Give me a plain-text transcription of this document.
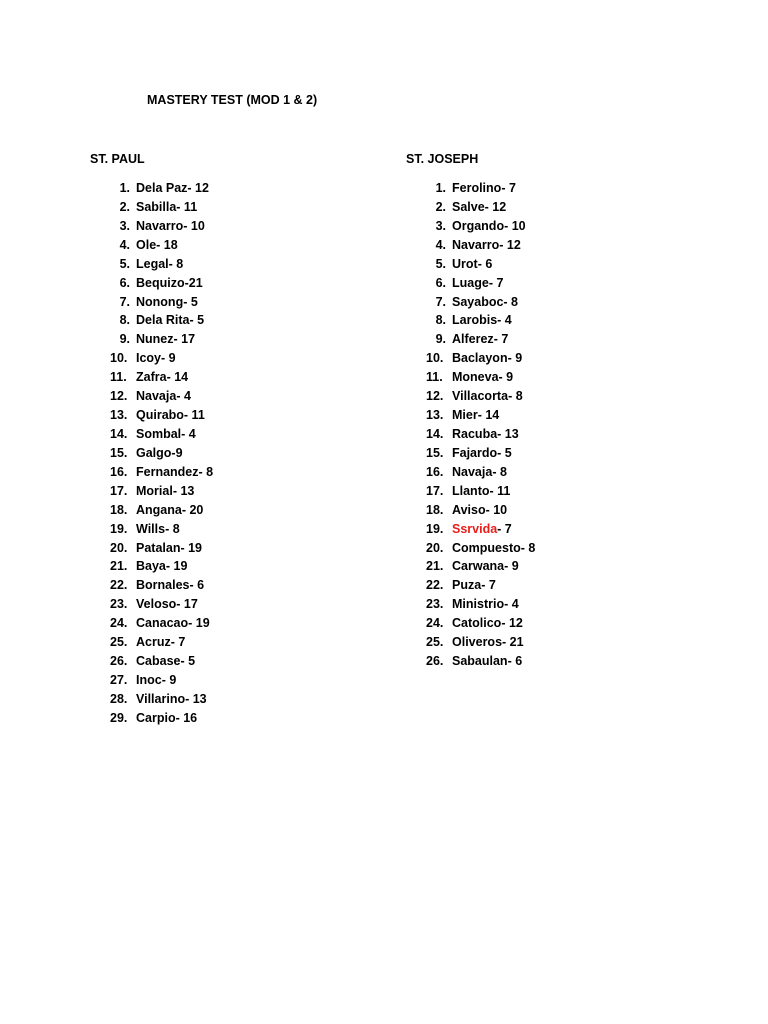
MASTERY TEST (MOD 1 & 2)
ST. PAUL	ST. JOSEPH
1. Dela Paz- 12
2. Sabilla- 11
3. Navarro- 10
4. Ole- 18
5. Legal- 8
6. Bequizo-21
7. Nonong- 5
8. Dela Rita- 5
9. Nunez- 17
10. Icoy- 9
11. Zafra- 14
12. Navaja- 4
13. Quirabo- 11
14. Sombal- 4
15. Galgo-9
16. Fernandez- 8
17. Morial- 13
18. Angana- 20
19. Wills- 8
20. Patalan- 19
21. Baya- 19
22. Bornales- 6
23. Veloso- 17
24. Canacao- 19
25. Acruz- 7
26. Cabase- 5
27. Inoc- 9
28. Villarino- 13
29. Carpio- 16
1. Ferolino- 7
2. Salve- 12
3. Orgando- 10
4. Navarro- 12
5. Urot- 6
6. Luage- 7
7. Sayaboc- 8
8. Larobis- 4
9. Alferez- 7
10. Baclayon- 9
11. Moneva- 9
12. Villacorta- 8
13. Mier- 14
14. Racuba- 13
15. Fajardo- 5
16. Navaja- 8
17. Llanto- 11
18. Aviso- 10
19. Ssrvida- 7
20. Compuesto- 8
21. Carwana- 9
22. Puza- 7
23. Ministrio- 4
24. Catolico- 12
25. Oliveros- 21
26. Sabaulan- 6
